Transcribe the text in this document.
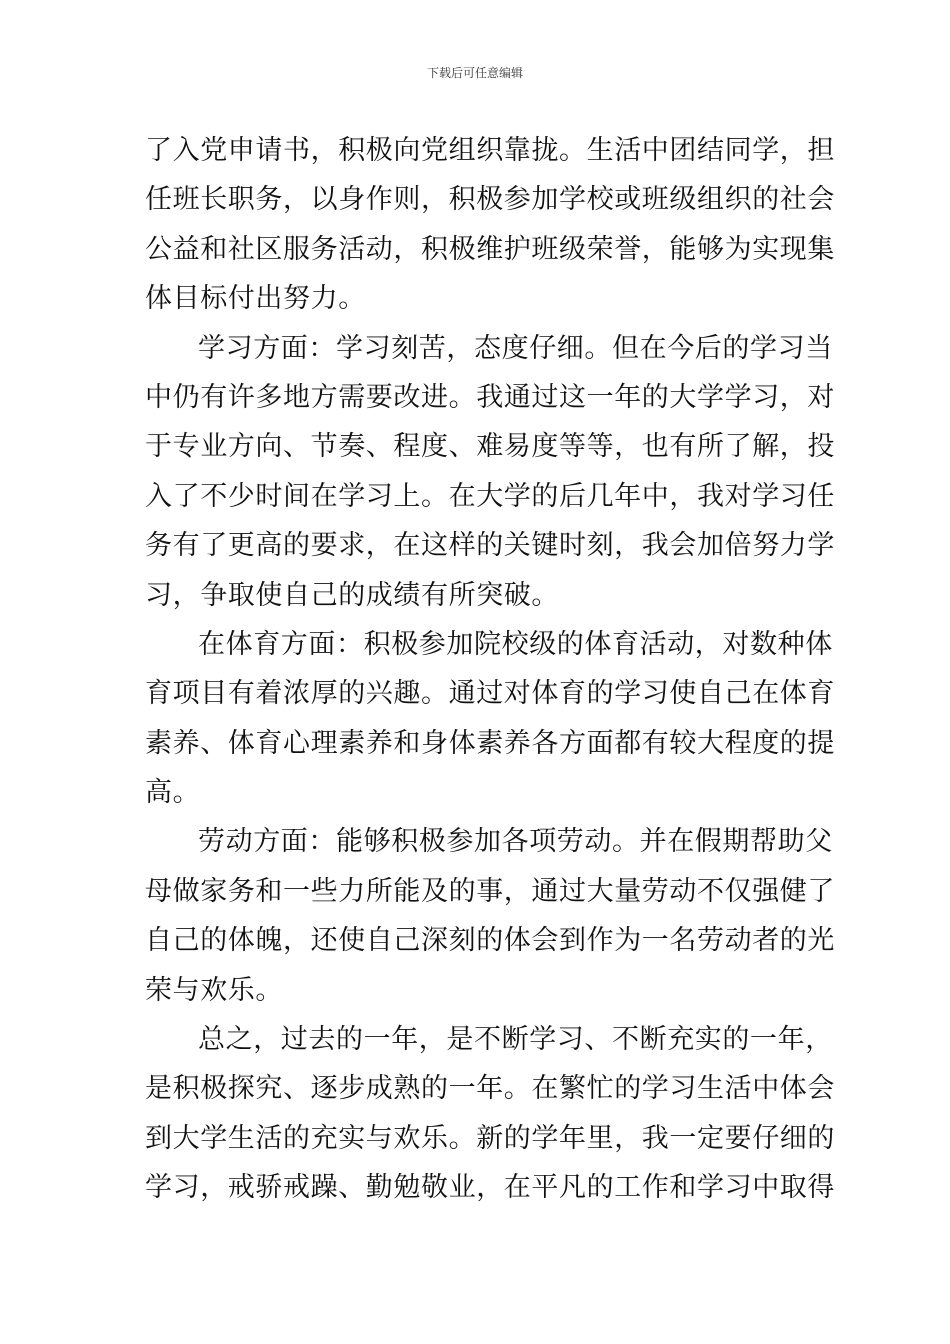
下载后可任意编辑
了入党申请书，积极向党组织靠拢。生活中团结同学，担
任班长职务，以身作则，积极参加学校或班级组织的社会
公益和社区服务活动，积极维护班级荣誉，能够为实现集
体目标付出努力。
学习方面：学习刻苦，态度仔细。但在今后的学习当
中仍有许多地方需要改进。我通过这一年的大学学习，对
于专业方向、节奏、程度、难易度等等，也有所了解，投
入了不少时间在学习上。在大学的后几年中，我对学习任
务有了更高的要求，在这样的关键时刻，我会加倍努力学
习，争取使自己的成绩有所突破。
在体育方面：积极参加院校级的体育活动，对数种体
育项目有着浓厚的兴趣。通过对体育的学习使自己在体育
素养、体育心理素养和身体素养各方面都有较大程度的提
高。
劳动方面：能够积极参加各项劳动。并在假期帮助父
母做家务和一些力所能及的事，通过大量劳动不仅强健了
自己的体魄，还使自己深刻的体会到作为一名劳动者的光
荣与欢乐。
总之，过去的一年，是不断学习、不断充实的一年，
是积极探究、逐步成熟的一年。在繁忙的学习生活中体会
到大学生活的充实与欢乐。新的学年里，我一定要仔细的
学习，戒骄戒躁、勤勉敬业，在平凡的工作和学习中取得
